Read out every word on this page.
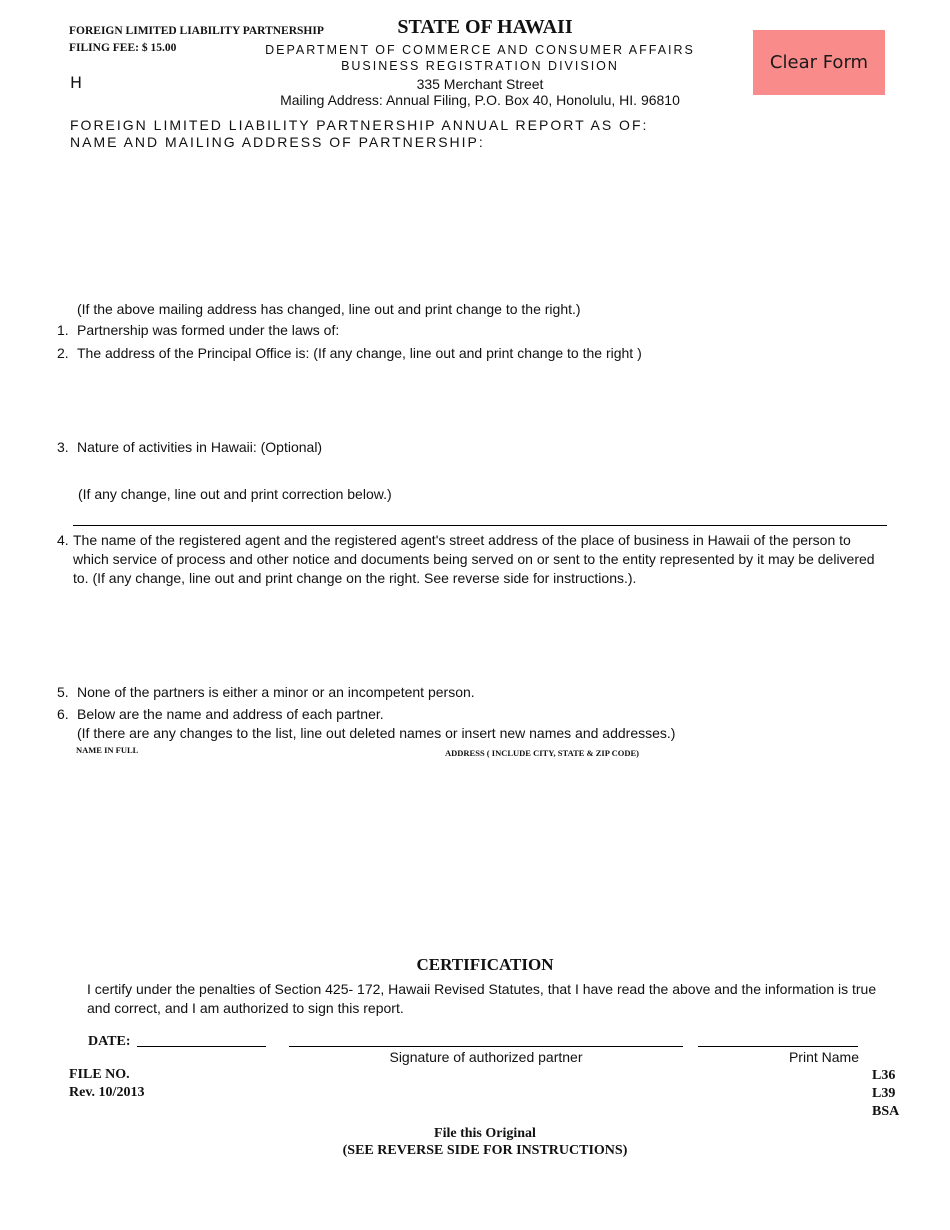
FOREIGN LIMITED LIABILITY PARTNERSHIP
FILING FEE: $ 15.00
H
STATE OF HAWAII
DEPARTMENT OF COMMERCE AND CONSUMER AFFAIRS
BUSINESS REGISTRATION DIVISION
335 Merchant Street
Mailing Address: Annual Filing, P.O. Box 40, Honolulu, HI. 96810
Clear Form
FOREIGN LIMITED LIABILITY PARTNERSHIP ANNUAL REPORT AS OF:
NAME AND MAILING ADDRESS OF PARTNERSHIP:
(If the above mailing address has changed, line out and print change to the right.)
1. Partnership was formed under the laws of:
2. The address of the Principal Office is: (If any change, line out and print change to the right )
3. Nature of activities in Hawaii: (Optional)
(If any change, line out and print correction below.)
4. The name of the registered agent and the registered agent's street address of the place of business in Hawaii of the person to which service of process and other notice and documents being served on or sent to the entity represented by it may be delivered to. (If any change, line out and print change on the right. See reverse side for instructions.).
5. None of the partners is either a minor or an incompetent person.
6. Below are the name and address of each partner.
(If there are any changes to the list, line out deleted names or insert new names and addresses.)
NAME IN FULL	ADDRESS ( INCLUDE CITY, STATE & ZIP CODE)
CERTIFICATION
I certify under the penalties of Section 425- 172, Hawaii Revised Statutes, that I have read the above and the information is true and correct, and I am authorized to sign this report.
DATE:
Signature of authorized partner	Print Name
FILE NO.
Rev. 10/2013
L36
L39
BSA
File this Original
(SEE REVERSE SIDE FOR INSTRUCTIONS)
